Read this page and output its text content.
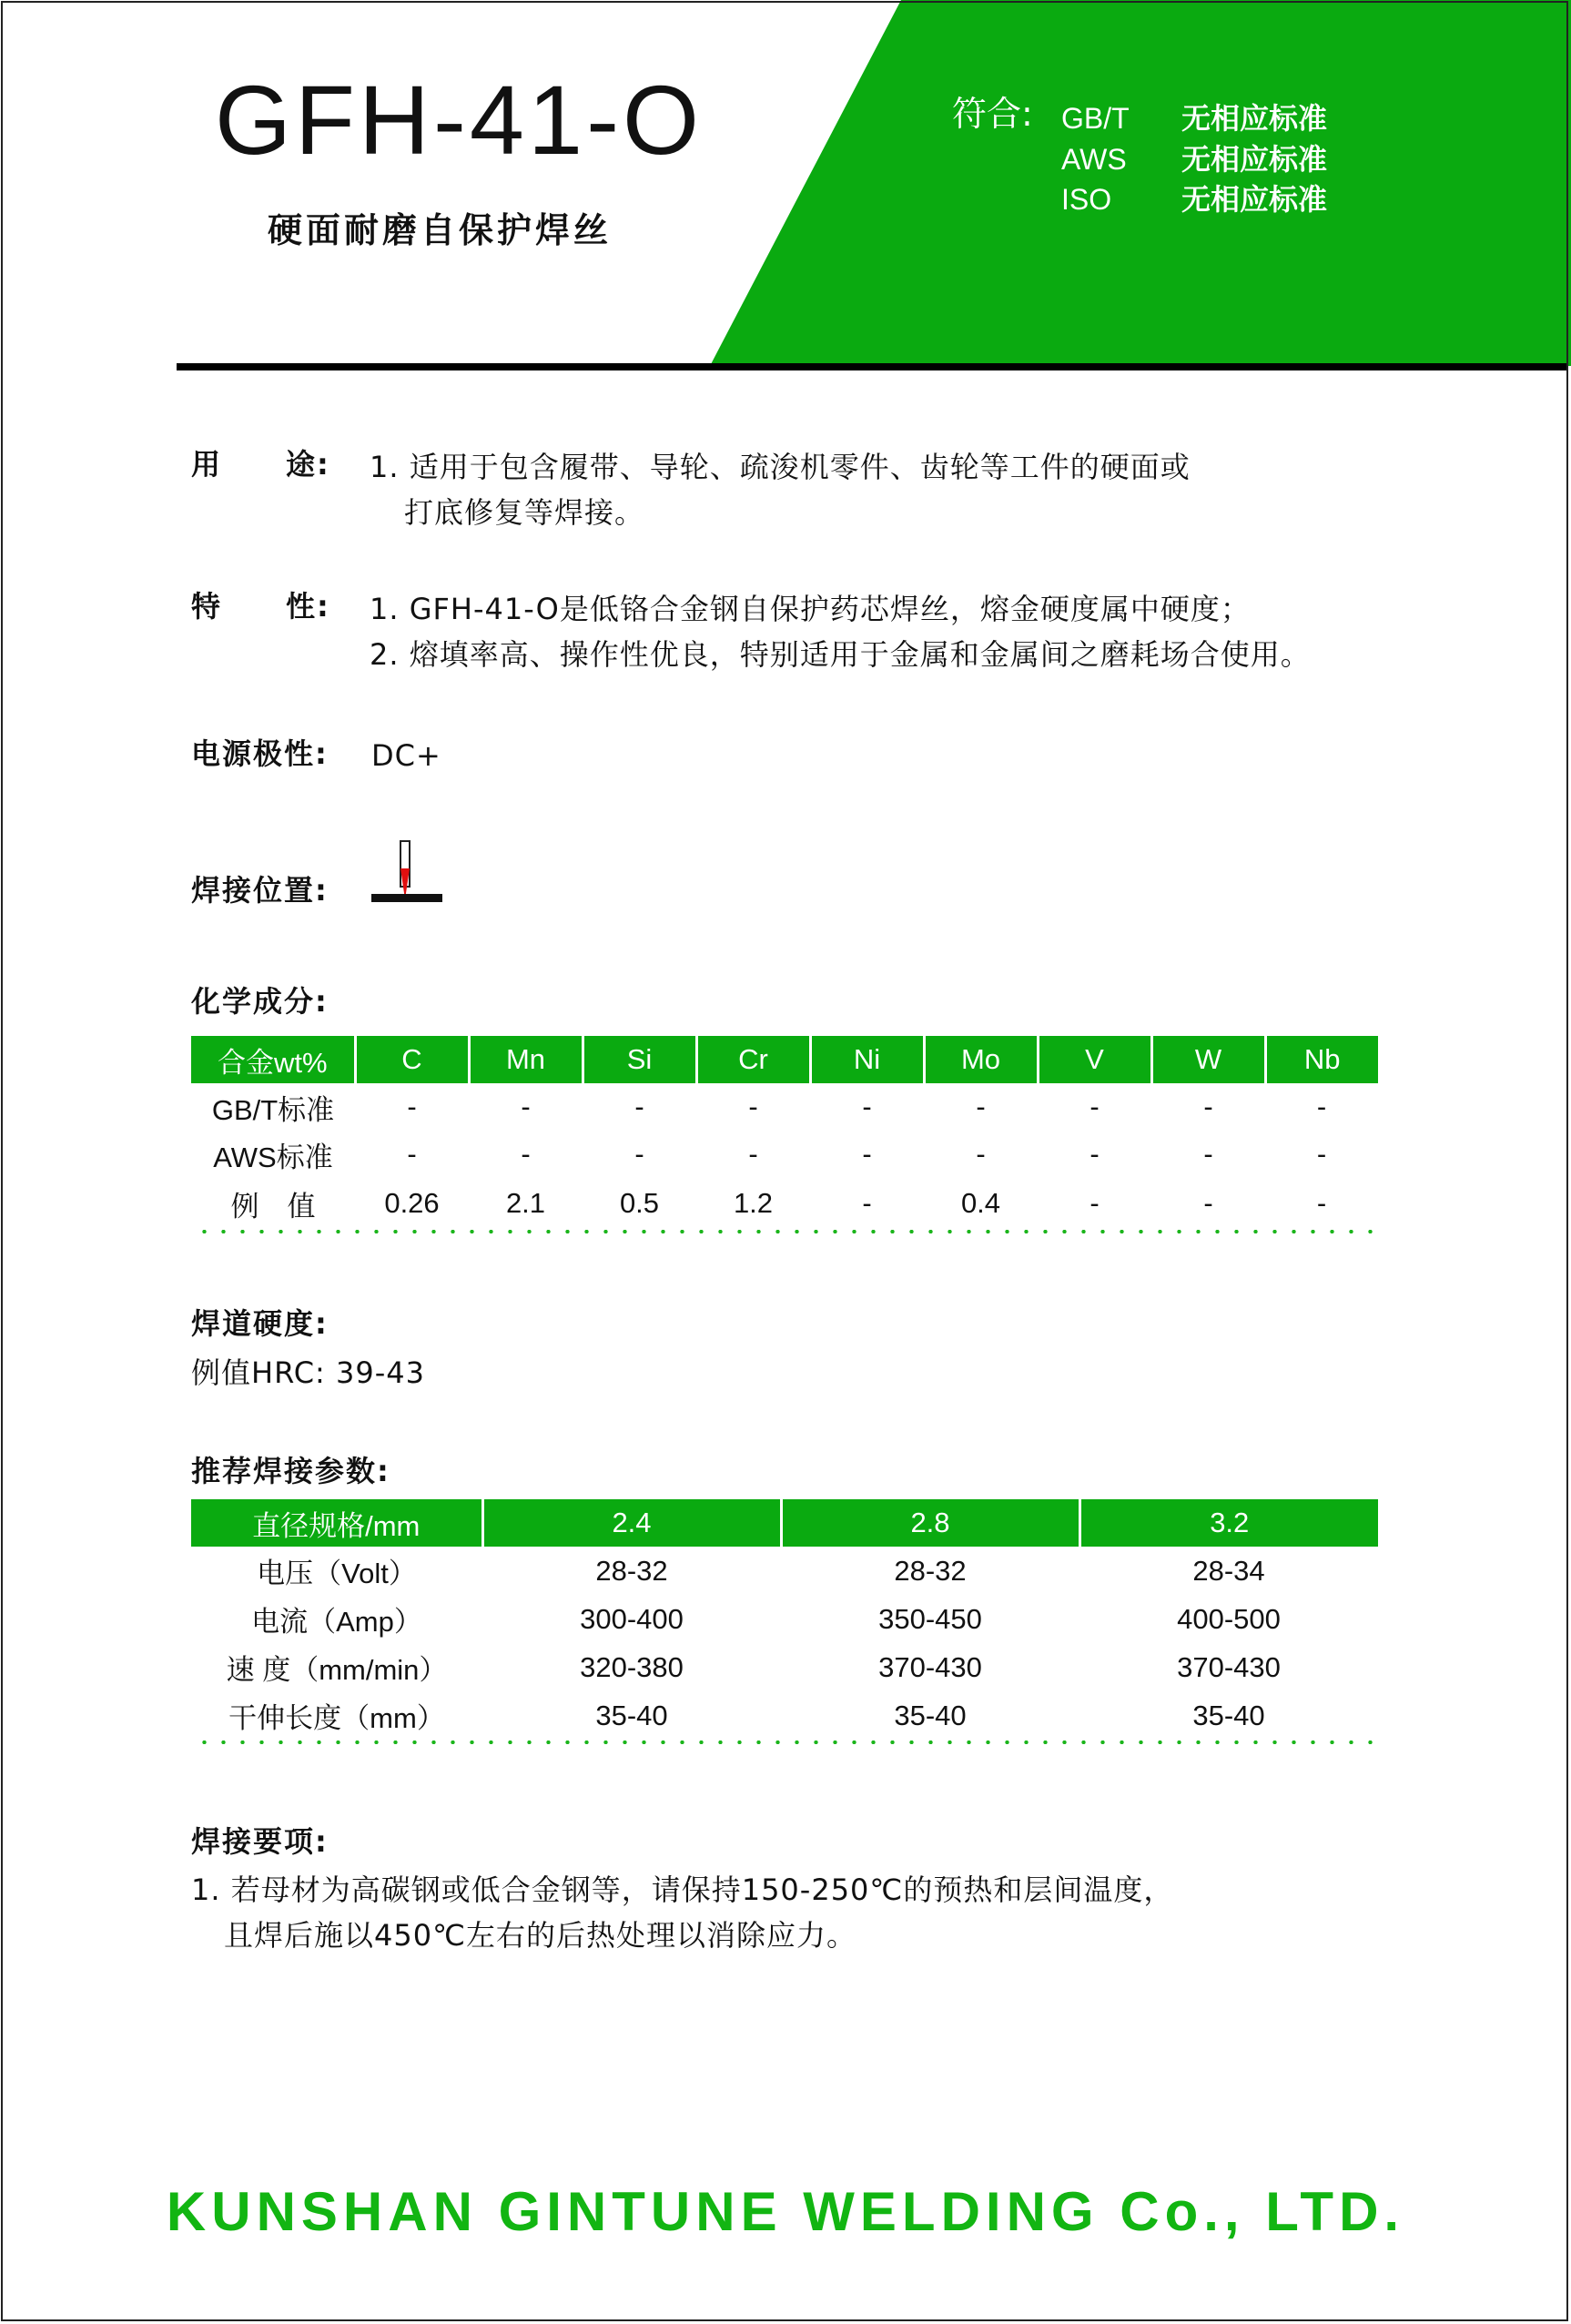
GFH-41-O
硬面耐磨自保护焊丝
符合: GB/T 无相应标准
AWS 无相应标准
ISO 无相应标准
用 途: 1. 适用于包含履带、导轮、疏浚机零件、齿轮等工件的硬面或
打底修复等焊接。
特 性: 1. GFH-41-O是低铬合金钢自保护药芯焊丝，熔金硬度属中硬度；
2. 熔填率高、操作性优良，特别适用于金属和金属间之磨耗场合使用。
电源极性: DC+
焊接位置:
化学成分:
合金wt%	C	Mn	Si	Cr	Ni	Mo	V	W	Nb
GB/T标准	-	-	-	-	-	-	-	-	-
AWS标准	-	-	-	-	-	-	-	-	-
例　值	0.26	2.1	0.5	1.2	-	0.4	-	-	-
焊道硬度:
例值HRC: 39-43
推荐焊接参数:
直径规格/mm	2.4	2.8	3.2
电压（Volt）	28-32	28-32	28-34
电流（Amp）	300-400	350-450	400-500
速 度（mm/min）	320-380	370-430	370-430
干伸长度（mm）	35-40	35-40	35-40
焊接要项:
1. 若母材为高碳钢或低合金钢等，请保持150-250℃的预热和层间温度，
且焊后施以450℃左右的后热处理以消除应力。
KUNSHAN GINTUNE WELDING Co., LTD.
